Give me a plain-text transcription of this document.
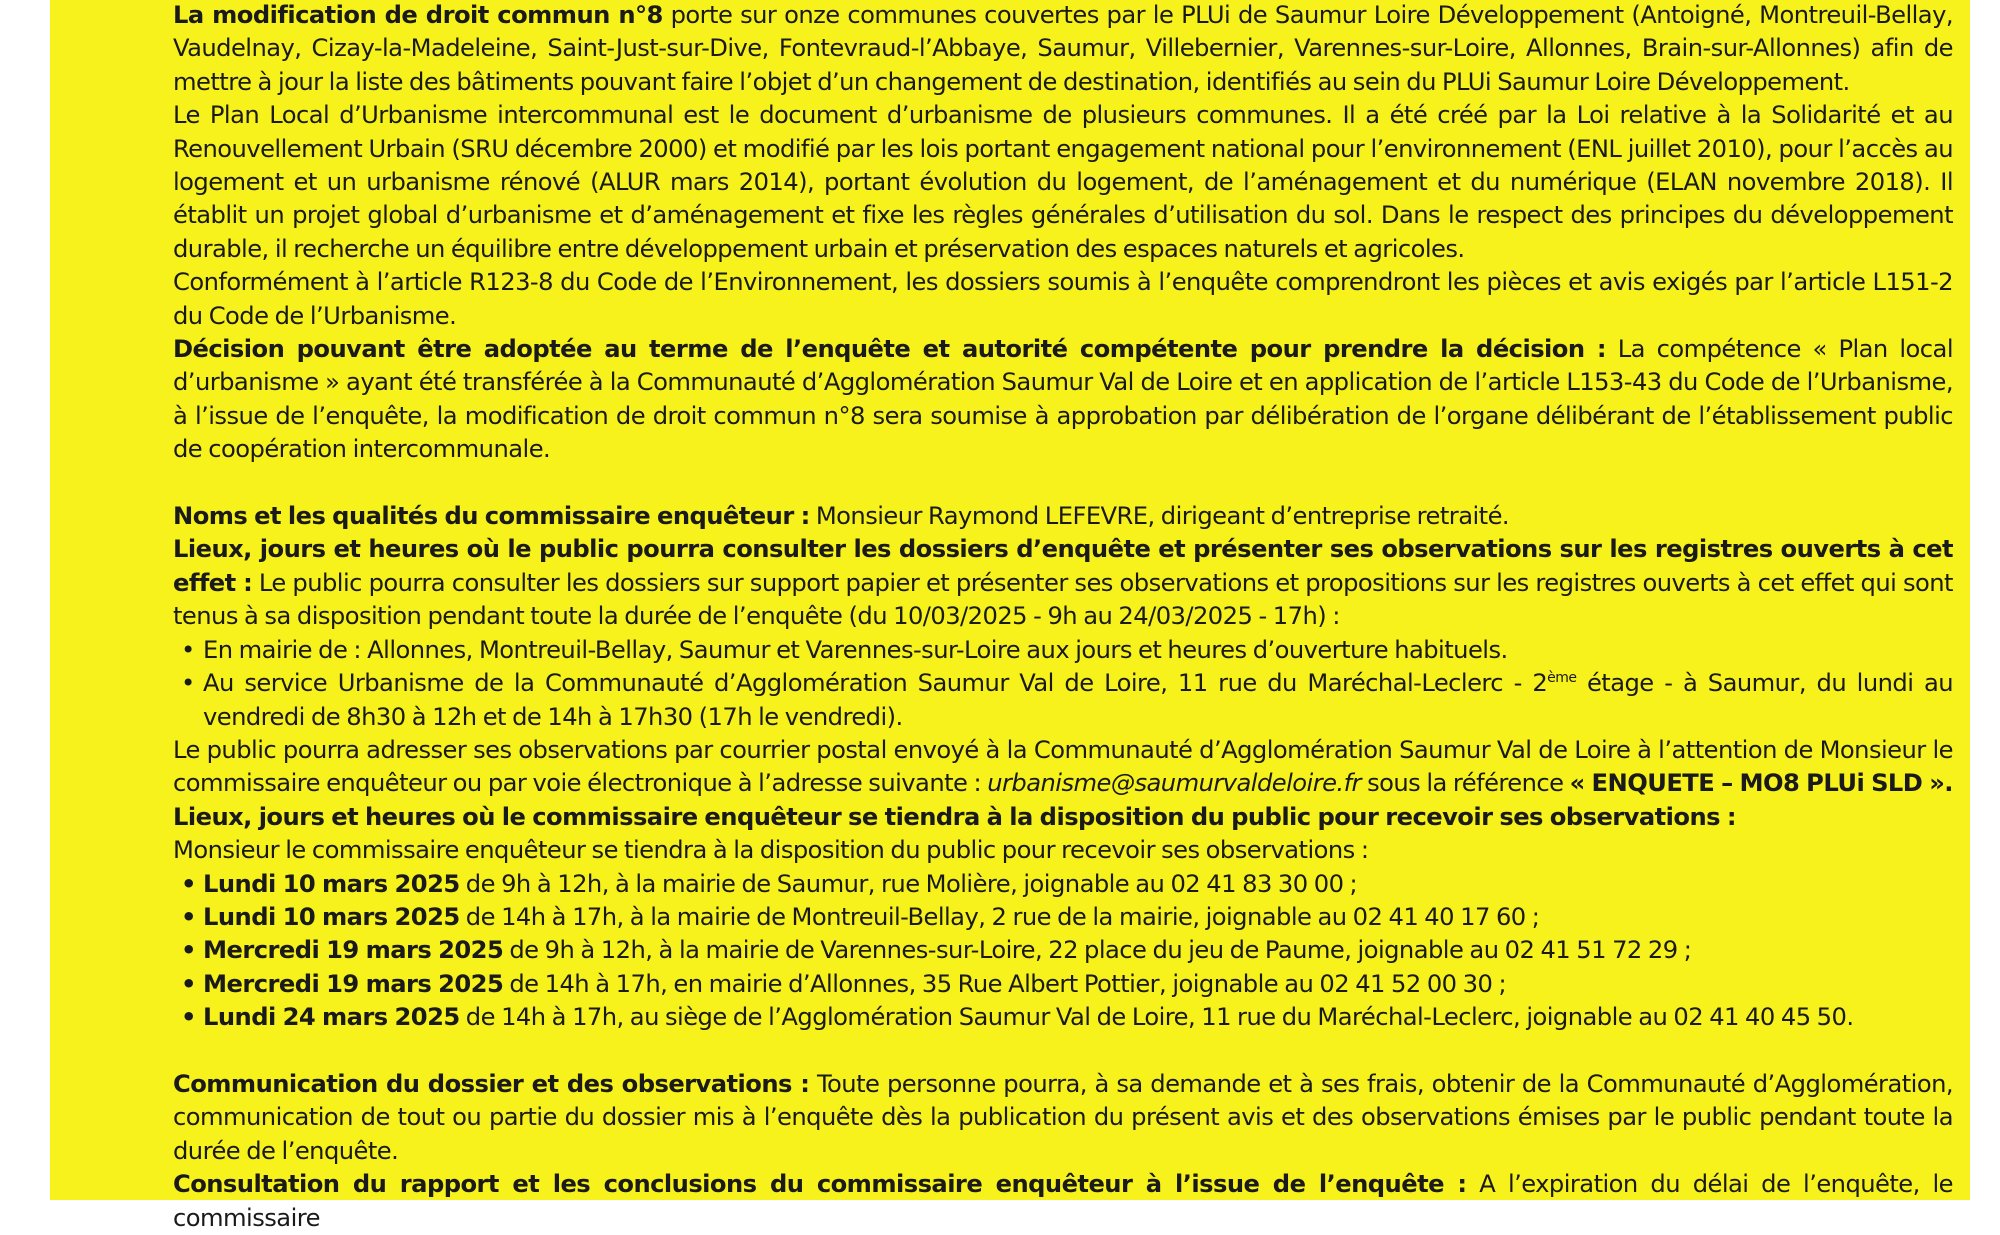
La modification de droit commun n°8 porte sur onze communes couvertes par le PLUi de Saumur Loire Développement (Antoigné, Montreuil-Bellay, Vaudelnay, Cizay-la-Madeleine, Saint-Just-sur-Dive, Fontevraud-l’Abbaye, Saumur, Villebernier, Varennes-sur-Loire, Allonnes, Brain-sur-Allonnes) afin de mettre à jour la liste des bâtiments pouvant faire l’objet d’un changement de destination, identifiés au sein du PLUi Saumur Loire Développement.

Le Plan Local d’Urbanisme intercommunal est le document d’urbanisme de plusieurs communes. Il a été créé par la Loi relative à la Solidarité et au Renouvellement Urbain (SRU décembre 2000) et modifié par les lois portant engagement national pour l’environnement (ENL juillet 2010), pour l’accès au logement et un urbanisme rénové (ALUR mars 2014), portant évolution du logement, de l’aménagement et du numérique (ELAN novembre 2018). Il établit un projet global d’urbanisme et d’aménagement et fixe les règles générales d’utilisation du sol. Dans le respect des principes du développement durable, il recherche un équilibre entre développement urbain et préservation des espaces naturels et agricoles.

Conformément à l’article R123-8 du Code de l’Environnement, les dossiers soumis à l’enquête comprendront les pièces et avis exigés par l’article L151-2 du Code de l’Urbanisme.

Décision pouvant être adoptée au terme de l’enquête et autorité compétente pour prendre la décision : La compétence « Plan local d’urbanisme » ayant été transférée à la Communauté d’Agglomération Saumur Val de Loire et en application de l’article L153-43 du Code de l’Urbanisme, à l’issue de l’enquête, la modification de droit commun n°8 sera soumise à approbation par délibération de l’organe délibérant de l’établissement public de coopération intercommunale.

Noms et les qualités du commissaire enquêteur : Monsieur Raymond LEFEVRE, dirigeant d’entreprise retraité.

Lieux, jours et heures où le public pourra consulter les dossiers d’enquête et présenter ses observations sur les registres ouverts à cet effet : Le public pourra consulter les dossiers sur support papier et présenter ses observations et propositions sur les registres ouverts à cet effet qui sont tenus à sa disposition pendant toute la durée de l’enquête (du 10/03/2025 - 9h au 24/03/2025 - 17h) :

• En mairie de : Allonnes, Montreuil-Bellay, Saumur et Varennes-sur-Loire aux jours et heures d’ouverture habituels.
• Au service Urbanisme de la Communauté d’Agglomération Saumur Val de Loire, 11 rue du Maréchal-Leclerc - 2ème étage - à Saumur, du lundi au vendredi de 8h30 à 12h et de 14h à 17h30 (17h le vendredi).

Le public pourra adresser ses observations par courrier postal envoyé à la Communauté d’Agglomération Saumur Val de Loire à l’attention de Monsieur le commissaire enquêteur ou par voie électronique à l’adresse suivante : urbanisme@saumurvaldeloire.fr sous la référence « ENQUETE – MO8 PLUi SLD ».

Lieux, jours et heures où le commissaire enquêteur se tiendra à la disposition du public pour recevoir ses observations :

Monsieur le commissaire enquêteur se tiendra à la disposition du public pour recevoir ses observations :

• Lundi 10 mars 2025 de 9h à 12h, à la mairie de Saumur, rue Molière, joignable au 02 41 83 30 00 ;
• Lundi 10 mars 2025 de 14h à 17h, à la mairie de Montreuil-Bellay, 2 rue de la mairie, joignable au 02 41 40 17 60 ;
• Mercredi 19 mars 2025 de 9h à 12h, à la mairie de Varennes-sur-Loire, 22 place du jeu de Paume, joignable au 02 41 51 72 29 ;
• Mercredi 19 mars 2025 de 14h à 17h, en mairie d’Allonnes, 35 Rue Albert Pottier, joignable au 02 41 52 00 30 ;
• Lundi 24 mars 2025 de 14h à 17h, au siège de l’Agglomération Saumur Val de Loire, 11 rue du Maréchal-Leclerc, joignable au 02 41 40 45 50.

Communication du dossier et des observations : Toute personne pourra, à sa demande et à ses frais, obtenir de la Communauté d’Agglomération, communication de tout ou partie du dossier mis à l’enquête dès la publication du présent avis et des observations émises par le public pendant toute la durée de l’enquête.

Consultation du rapport et les conclusions du commissaire enquêteur à l’issue de l’enquête : A l’expiration du délai de l’enquête, le commissaire
